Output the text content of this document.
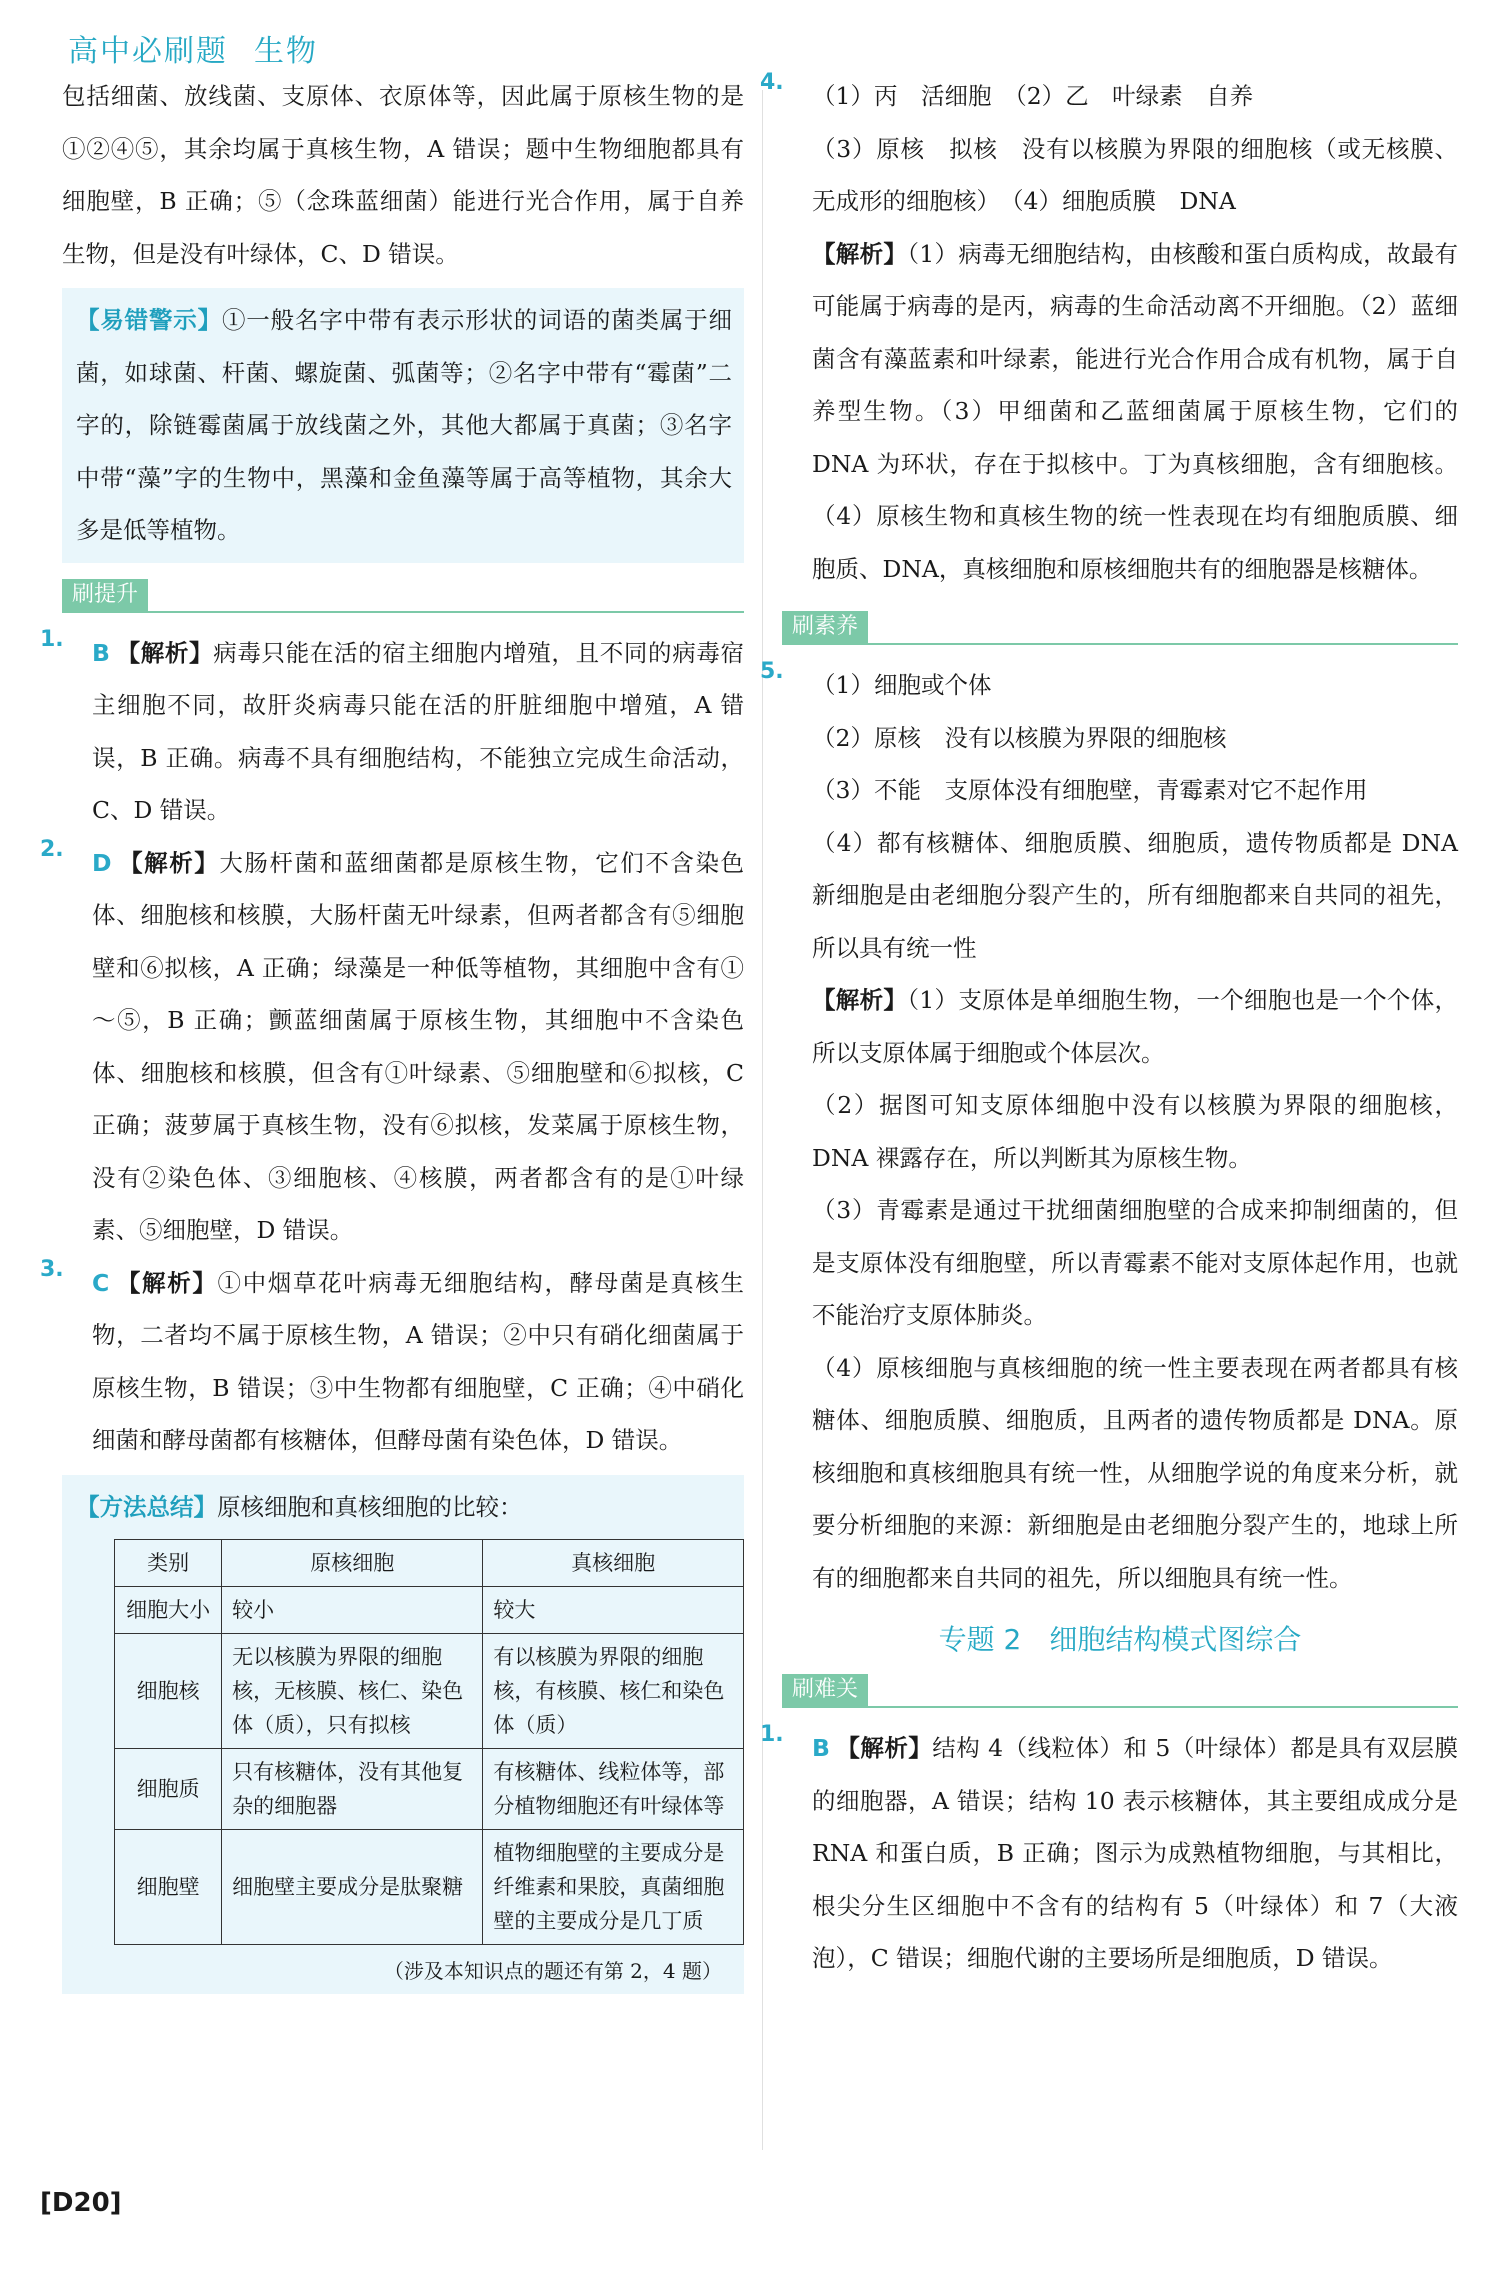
高中必刷题 生物

包括细菌、放线菌、支原体、衣原体等，因此属于原核生物的是①②④⑤，其余均属于真核生物，A 错误；题中生物细胞都具有细胞壁，B 正确；⑤（念珠蓝细菌）能进行光合作用，属于自养生物，但是没有叶绿体，C、D 错误。

【易错警示】①一般名字中带有表示形状的词语的菌类属于细菌，如球菌、杆菌、螺旋菌、弧菌等；②名字中带有“霉菌”二字的，除链霉菌属于放线菌之外，其他大都属于真菌；③名字中带“藻”字的生物中，黑藻和金鱼藻等属于高等植物，其余大多是低等植物。

刷提升
1. B 【解析】病毒只能在活的宿主细胞内增殖，且不同的病毒宿主细胞不同，故肝炎病毒只能在活的肝脏细胞中增殖，A 错误，B 正确。病毒不具有细胞结构，不能独立完成生命活动，C、D 错误。

2. D 【解析】大肠杆菌和蓝细菌都是原核生物，它们不含染色体、细胞核和核膜，大肠杆菌无叶绿素，但两者都含有⑤细胞壁和⑥拟核，A 正确；绿藻是一种低等植物，其细胞中含有①～⑤，B 正确；颤蓝细菌属于原核生物，其细胞中不含染色体、细胞核和核膜，但含有①叶绿素、⑤细胞壁和⑥拟核，C 正确；菠萝属于真核生物，没有⑥拟核，发菜属于原核生物，没有②染色体、③细胞核、④核膜，两者都含有的是①叶绿素、⑤细胞壁，D 错误。

3. C 【解析】①中烟草花叶病毒无细胞结构，酵母菌是真核生物，二者均不属于原核生物，A 错误；②中只有硝化细菌属于原核生物，B 错误；③中生物都有细胞壁，C 正确；④中硝化细菌和酵母菌都有核糖体，但酵母菌有染色体，D 错误。

【方法总结】原核细胞和真核细胞的比较：

类别	原核细胞	真核细胞
细胞大小	较小	较大
细胞核	无以核膜为界限的细胞核，无核膜、核仁、染色体（质），只有拟核	有以核膜为界限的细胞核，有核膜、核仁和染色体（质）
细胞质	只有核糖体，没有其他复杂的细胞器	有核糖体、线粒体等，部分植物细胞还有叶绿体等
细胞壁	细胞壁主要成分是肽聚糖	植物细胞壁的主要成分是纤维素和果胶，真菌细胞壁的主要成分是几丁质
（涉及本知识点的题还有第 2，4 题）
4. （1）丙　活细胞　（2）乙　叶绿素　自养

（3）原核　拟核　没有以核膜为界限的细胞核（或无核膜、无成形的细胞核）　（4）细胞质膜　DNA

【解析】（1）病毒无细胞结构，由核酸和蛋白质构成，故最有可能属于病毒的是丙，病毒的生命活动离不开细胞。（2）蓝细菌含有藻蓝素和叶绿素，能进行光合作用合成有机物，属于自养型生物。（3）甲细菌和乙蓝细菌属于原核生物，它们的 DNA 为环状，存在于拟核中。丁为真核细胞，含有细胞核。（4）原核生物和真核生物的统一性表现在均有细胞质膜、细胞质、DNA，真核细胞和原核细胞共有的细胞器是核糖体。

刷素养
5. （1）细胞或个体

（2）原核　没有以核膜为界限的细胞核

（3）不能　支原体没有细胞壁，青霉素对它不起作用

（4）都有核糖体、细胞质膜、细胞质，遗传物质都是 DNA　新细胞是由老细胞分裂产生的，所有细胞都来自共同的祖先，所以具有统一性

【解析】（1）支原体是单细胞生物，一个细胞也是一个个体，所以支原体属于细胞或个体层次。

（2）据图可知支原体细胞中没有以核膜为界限的细胞核，DNA 裸露存在，所以判断其为原核生物。

（3）青霉素是通过干扰细菌细胞壁的合成来抑制细菌的，但是支原体没有细胞壁，所以青霉素不能对支原体起作用，也就不能治疗支原体肺炎。

（4）原核细胞与真核细胞的统一性主要表现在两者都具有核糖体、细胞质膜、细胞质，且两者的遗传物质都是 DNA。原核细胞和真核细胞具有统一性，从细胞学说的角度来分析，就要分析细胞的来源：新细胞是由老细胞分裂产生的，地球上所有的细胞都来自共同的祖先，所以细胞具有统一性。

专题 2　细胞结构模式图综合
刷难关
1. B 【解析】结构 4（线粒体）和 5（叶绿体）都是具有双层膜的细胞器，A 错误；结构 10 表示核糖体，其主要组成成分是 RNA 和蛋白质，B 正确；图示为成熟植物细胞，与其相比，根尖分生区细胞中不含有的结构有 5（叶绿体）和 7（大液泡），C 错误；细胞代谢的主要场所是细胞质，D 错误。

[D20]
